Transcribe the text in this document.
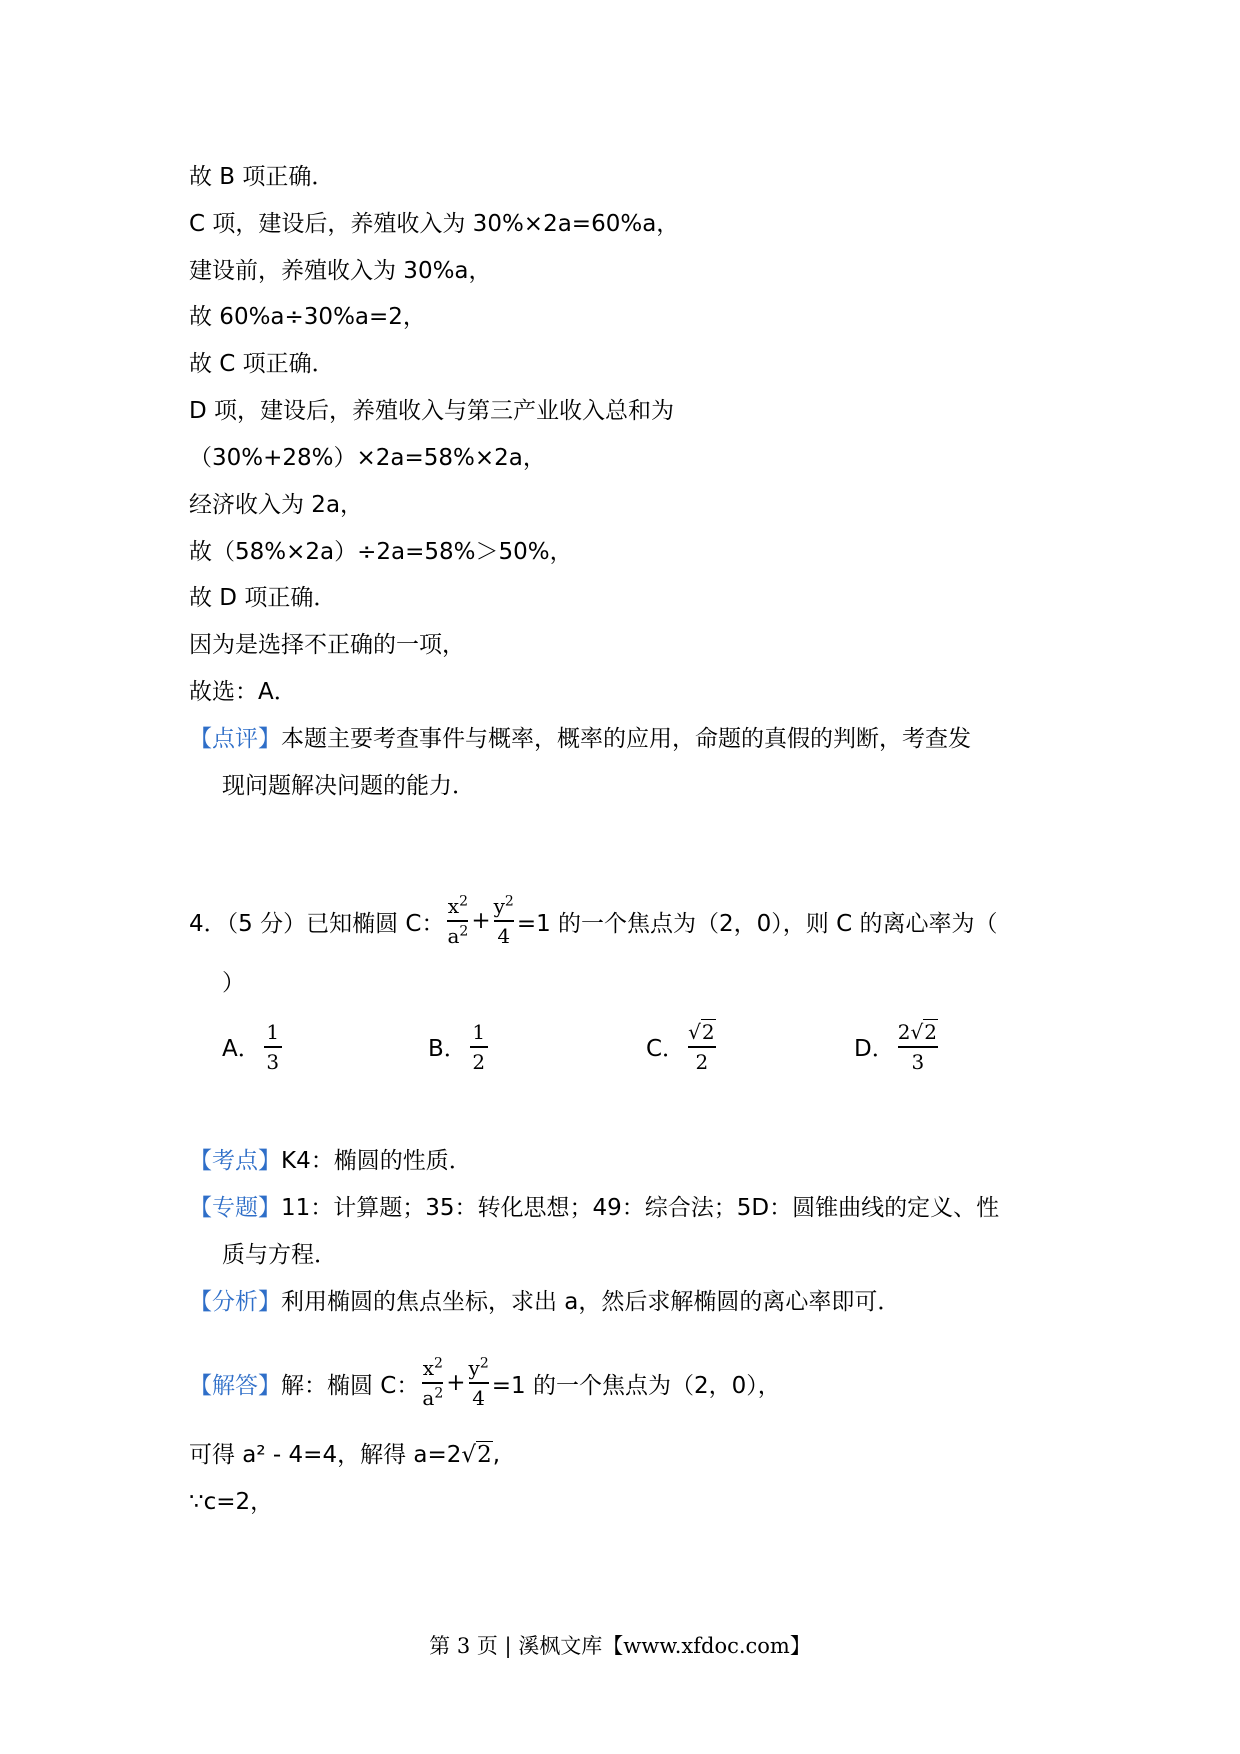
故 B 项正确．
C 项，建设后，养殖收入为 30%×2a=60%a，
建设前，养殖收入为 30%a，
故 60%a÷30%a=2，
故 C 项正确．
D 项，建设后，养殖收入与第三产业收入总和为
（30%+28%）×2a=58%×2a，
经济收入为 2a，
故（58%×2a）÷2a=58%＞50%，
故 D 项正确．
因为是选择不正确的一项，
故选：A．
【点评】本题主要考查事件与概率，概率的应用，命题的真假的判断，考查发
现问题解决问题的能力．
4．（5 分）已知椭圆 C： $\frac{x^2}{a^2} + \frac{y^2}{4} =1$ 的一个焦点为（2，0），则 C 的离心率为（
）
A． $\frac{1}{3}$	B． $\frac{1}{2}$	C． $\frac{√2}{2}$	D． $\frac{2√2}{3}$
【考点】K4：椭圆的性质．
【专题】11：计算题；35：转化思想；49：综合法；5D：圆锥曲线的定义、性
质与方程．
【分析】利用椭圆的焦点坐标，求出 a，然后求解椭圆的离心率即可．
【解答】 解：椭圆 C： $\frac{x^2}{a^2} + \frac{y^2}{4} =1$ 的一个焦点为（2，0），
可得 a² - 4=4，解得 a=2√2,
∵c=2，
第 3 页 | 溪枫文库【www.xfdoc.com】
